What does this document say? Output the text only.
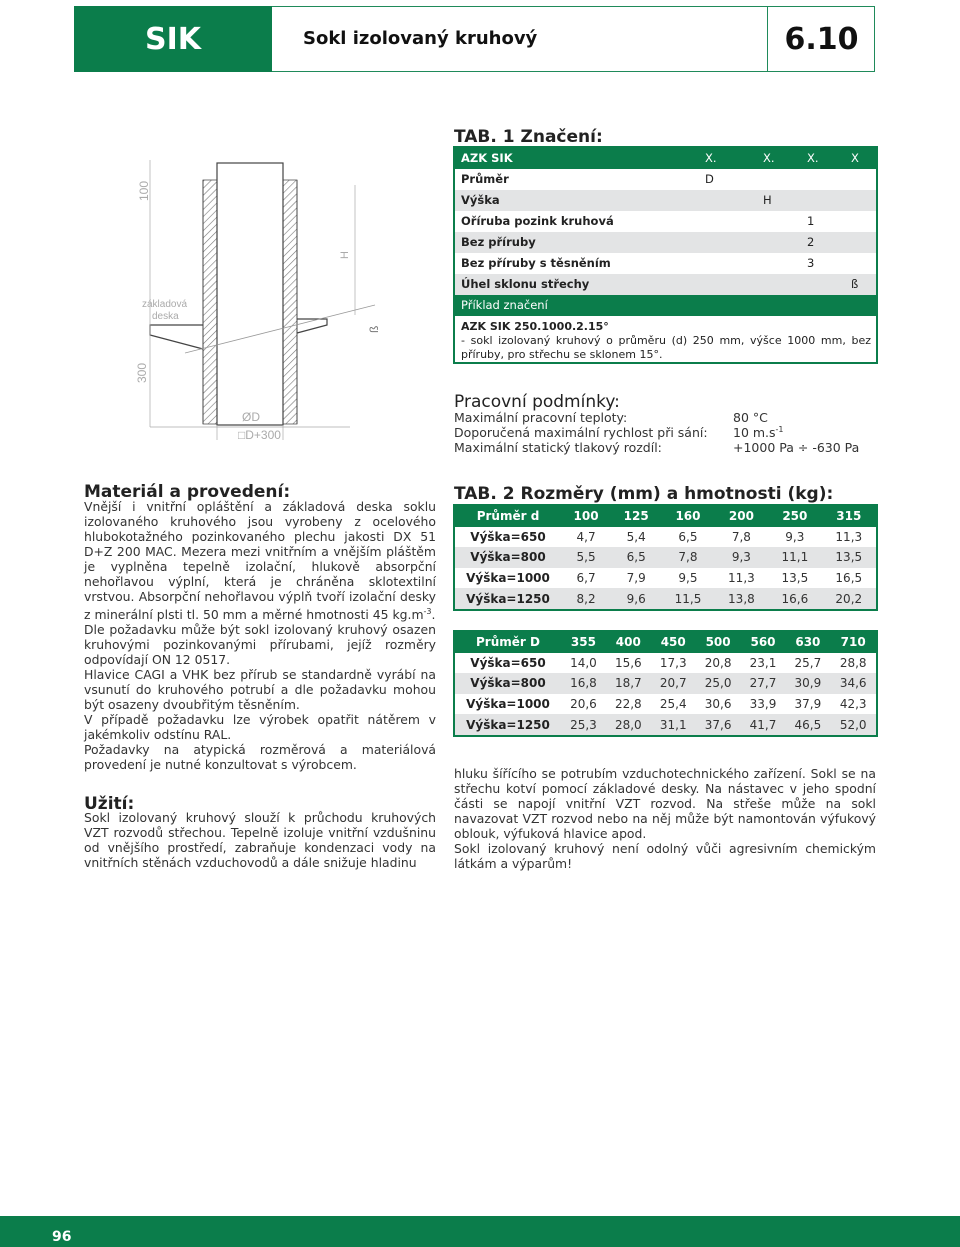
SIK	Sokl izolovaný kruhový	6.10
100
300
základová
deska
H
ß
ØD
□D+300
TAB. 1 Značení:
AZK SIK	X.	X.	X.	X
Průměr	D
Výška	H
Oříruba pozink kruhová	1
Bez příruby	2
Bez příruby s těsněním	3
Úhel sklonu střechy	ß
Příklad značení
AZK SIK 250.1000.2.15°
- sokl izolovaný kruhový o průměru (d) 250 mm, výšce 1000 mm, bez příruby, pro střechu se sklonem 15°.
Pracovní podmínky:
Maximální pracovní teploty:	80 °C
Doporučená maximální rychlost při sání: 10 $m.s^{-1}$
Maximální statický tlakový rozdíl:	+1000 Pa ÷ -630 Pa
Materiál a provedení:
Vnější i vnitřní opláštění a základová deska soklu izolovaného kruhového jsou vyrobeny z ocelového hlubokotažného pozinkovaného plechu jakosti DX 51 D+Z 200 MAC. Mezera mezi vnitřním a vnějším pláštěm je vyplněna tepelně izolační, hlukově absorpční nehořlavou výplní, která je chráněna sklotextilní vrstvou. Absorpční nehořlavou výplň tvoří izolační desky z minerální plsti tl. 50 mm a měrné hmotnosti 45 $kg.m^{-3}$.
Dle požadavku může být sokl izolovaný kruhový osazen kruhovými pozinkovanými přírubami, jejíž rozměry odpovídají ON 12 0517.
Hlavice CAGI a VHK bez přírub se standardně vyrábí na vsunutí do kruhového potrubí a dle požadavku mohou být osazeny dvoubřitým těsněním.
V případě požadavku lze výrobek opatřit nátěrem v jakémkoliv odstínu RAL.
Požadavky na atypická rozměrová a materiálová provedení je nutné konzultovat s výrobcem.
Užití:
Sokl izolovaný kruhový slouží k průchodu kruhových VZT rozvodů střechou. Tepelně izoluje vnitřní vzdušninu od vnějšího prostředí, zabraňuje kondenzaci vody na vnitřních stěnách vzduchovodů a dále snižuje hladinu
hluku šířícího se potrubím vzduchotechnického zařízení. Sokl se na střechu kotví pomocí základové desky. Na nástavec v jeho spodní části se napojí vnitřní VZT rozvod. Na střeše může na sokl navazovat VZT rozvod nebo na něj může být namontován výfukový oblouk, výfuková hlavice apod.
Sokl izolovaný kruhový není odolný vůči agresivním chemickým látkám a výparům!
TAB. 2 Rozměry (mm) a hmotnosti (kg):
Průměr d	100	125	160	200	250	315
Výška=650	4,7	5,4	6,5	7,8	9,3	11,3
Výška=800	5,5	6,5	7,8	9,3	11,1	13,5
Výška=1000	6,7	7,9	9,5	11,3	13,5	16,5
Výška=1250	8,2	9,6	11,5	13,8	16,6	20,2
Průměr D	355	400	450	500	560	630	710
Výška=650	14,0	15,6	17,3	20,8	23,1	25,7	28,8
Výška=800	16,8	18,7	20,7	25,0	27,7	30,9	34,6
Výška=1000	20,6	22,8	25,4	30,6	33,9	37,9	42,3
Výška=1250	25,3	28,0	31,1	37,6	41,7	46,5	52,0
96
